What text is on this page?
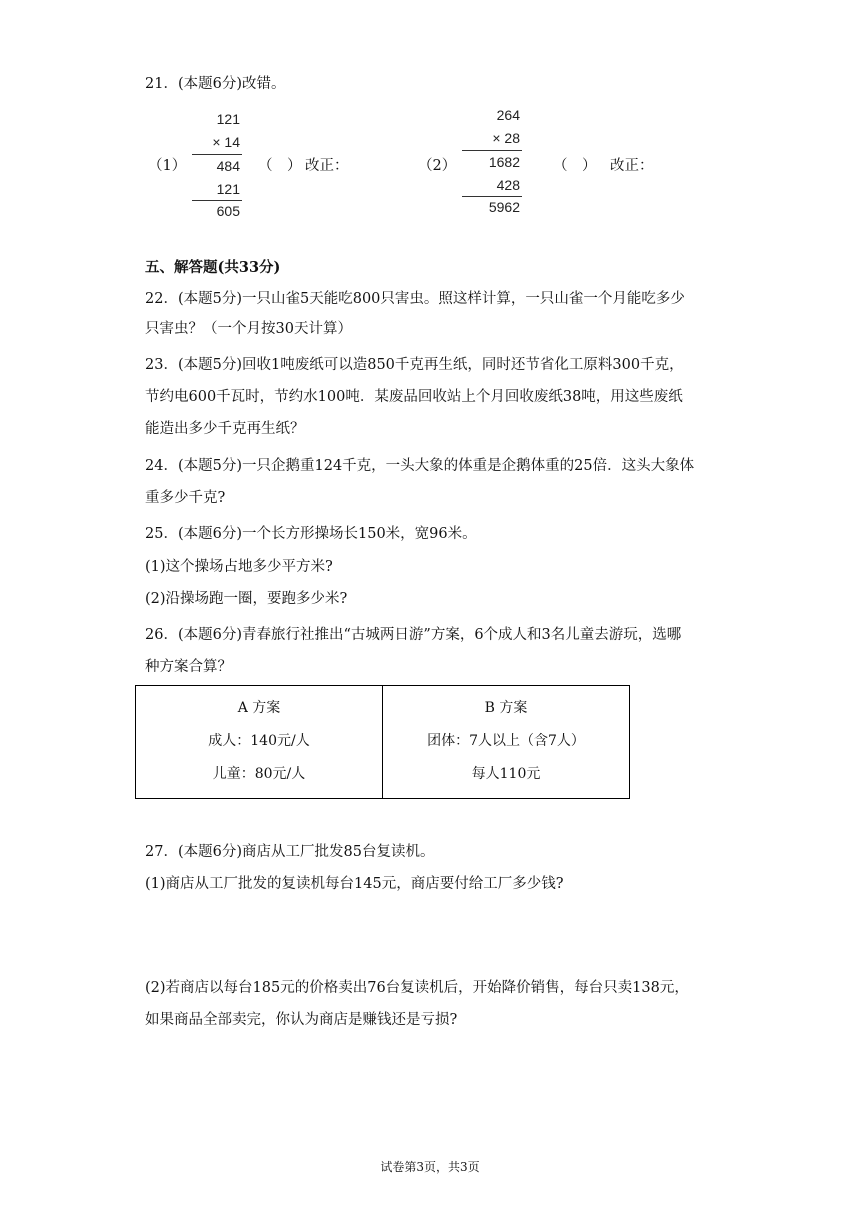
21．(本题6分)改错。
（1）
121
× 14
484
121
605
（　） 改正：	（2）
264
× 28
1682
428
5962
（　） 改正：
五、解答题(共33分)
22．(本题5分)一只山雀5天能吃800只害虫。照这样计算，一只山雀一个月能吃多少
只害虫？（一个月按30天计算）
23．(本题5分)回收1吨废纸可以造850千克再生纸，同时还节省化工原料300千克，
节约电600千瓦时，节约水100吨．某废品回收站上个月回收废纸38吨，用这些废纸
能造出多少千克再生纸？
24．(本题5分)一只企鹅重124千克，一头大象的体重是企鹅体重的25倍．这头大象体
重多少千克?
25．(本题6分)一个长方形操场长150米，宽96米。
(1)这个操场占地多少平方米?
(2)沿操场跑一圈，要跑多少米?
26．(本题6分)青春旅行社推出“古城两日游”方案，6个成人和3名儿童去游玩，选哪
种方案合算？
A 方案
成人：140元/人
儿童：80元/人

B 方案
团体：7人以上（含7人）
每人110元
27．(本题6分)商店从工厂批发85台复读机。
(1)商店从工厂批发的复读机每台145元，商店要付给工厂多少钱?
(2)若商店以每台185元的价格卖出76台复读机后，开始降价销售，每台只卖138元，
如果商品全部卖完，你认为商店是赚钱还是亏损?
试卷第3页，共3页
